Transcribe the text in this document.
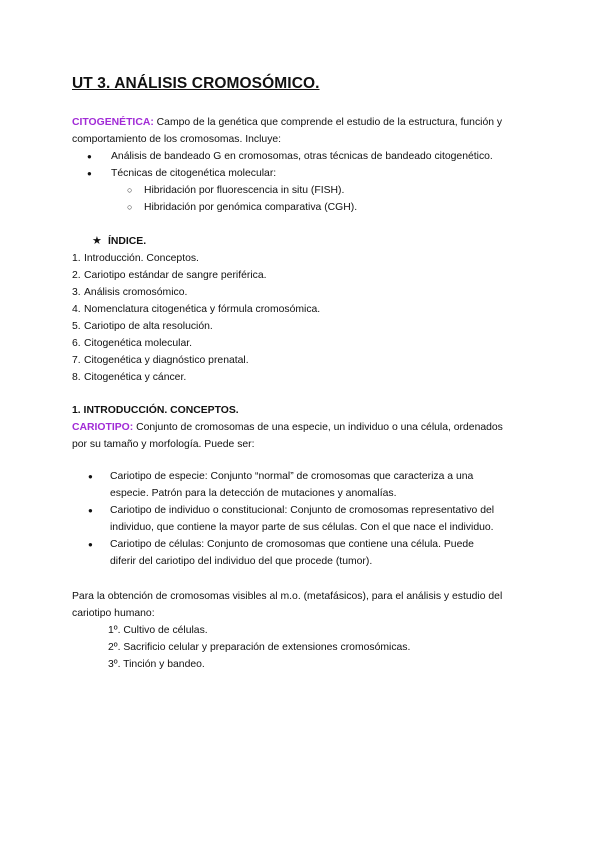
UT 3. ANÁLISIS CROMOSÓMICO.

CITOGENÉTICA: Campo de la genética que comprende el estudio de la estructura, función y

comportamiento de los cromosomas. Incluye:

● Análisis de bandeado G en cromosomas, otras técnicas de bandeado citogenético.
● Técnicas de citogenética molecular:
○ Hibridación por fluorescencia in situ (FISH).
○ Hibridación por genómica comparativa (CGH).
★ ÍNDICE.
1. Introducción. Conceptos.
2. Cariotipo estándar de sangre periférica.
3. Análisis cromosómico.
4. Nomenclatura citogenética y fórmula cromosómica.
5. Cariotipo de alta resolución.
6. Citogenética molecular.
7. Citogenética y diagnóstico prenatal.
8. Citogenética y cáncer.
1. INTRODUCCIÓN. CONCEPTOS.

CARIOTIPO: Conjunto de cromosomas de una especie, un individuo o una célula, ordenados

por su tamaño y morfología. Puede ser:

● Cariotipo de especie: Conjunto “normal” de cromosomas que caracteriza a una
especie. Patrón para la detección de mutaciones y anomalías.
● Cariotipo de individuo o constitucional: Conjunto de cromosomas representativo del
individuo, que contiene la mayor parte de sus células. Con el que nace el individuo.
● Cariotipo de células: Conjunto de cromosomas que contiene una célula. Puede
diferir del cariotipo del individuo del que procede (tumor).

Para la obtención de cromosomas visibles al m.o. (metafásicos), para el análisis y estudio del

cariotipo humano:

1º. Cultivo de células.
2º. Sacrificio celular y preparación de extensiones cromosómicas.
3º. Tinción y bandeo.
